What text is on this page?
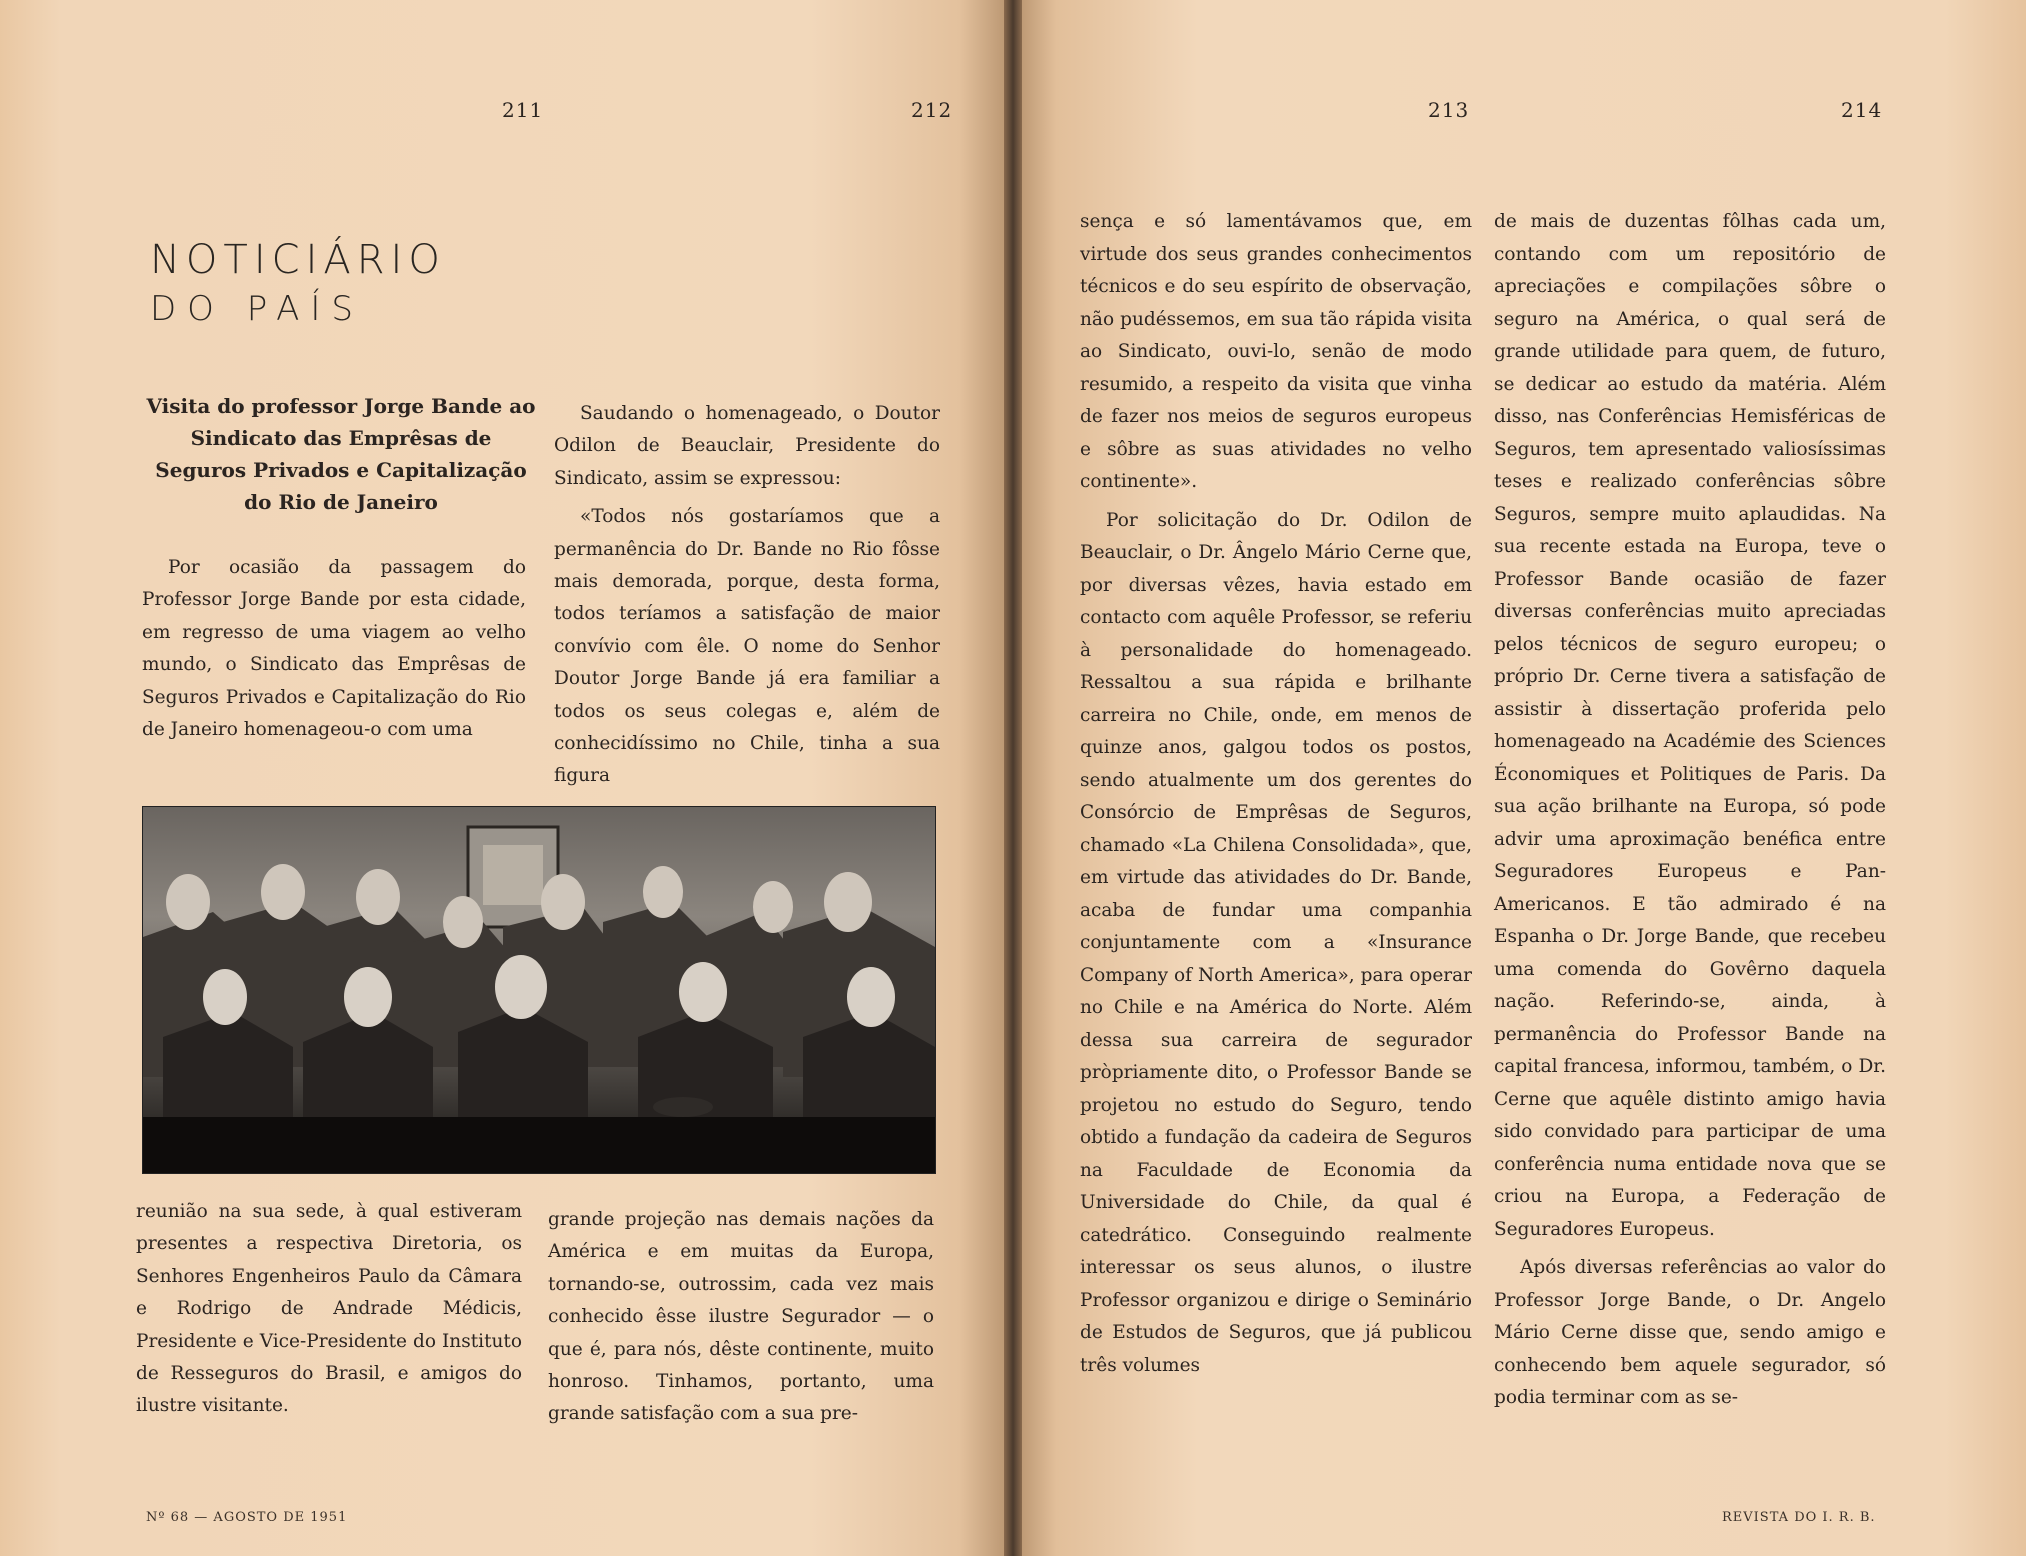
211	212	213	214
NOTICIÁRIO
DO PAÍS
Visita do professor Jorge Bande ao Sindicato das Emprêsas de Seguros Privados e Capitalização do Rio de Janeiro

Por ocasião da passagem do Professor Jorge Bande por esta cidade, em regresso de uma viagem ao velho mundo, o Sindicato das Emprêsas de Seguros Privados e Capitalização do Rio de Janeiro homenageou-o com uma

Saudando o homenageado, o Doutor Odilon de Beauclair, Presidente do Sindicato, assim se expressou:

«Todos nós gostaríamos que a permanência do Dr. Bande no Rio fôsse mais demorada, porque, desta forma, todos teríamos a satisfação de maior convívio com êle. O nome do Senhor Doutor Jorge Bande já era familiar a todos os seus colegas e, além de conhecidíssimo no Chile, tinha a sua figura

reunião na sua sede, à qual estiveram presentes a respectiva Diretoria, os Senhores Engenheiros Paulo da Câmara e Rodrigo de Andrade Médicis, Presidente e Vice-Presidente do Instituto de Resseguros do Brasil, e amigos do ilustre visitante.

grande projeção nas demais nações da América e em muitas da Europa, tornando-se, outrossim, cada vez mais conhecido êsse ilustre Segurador — o que é, para nós, dêste continente, muito honroso. Tinhamos, portanto, uma grande satisfação com a sua pre-

sença e só lamentávamos que, em virtude dos seus grandes conhecimentos técnicos e do seu espírito de observação, não pudéssemos, em sua tão rápida visita ao Sindicato, ouvi-lo, senão de modo resumido, a respeito da visita que vinha de fazer nos meios de seguros europeus e sôbre as suas atividades no velho continente».

Por solicitação do Dr. Odilon de Beauclair, o Dr. Ângelo Mário Cerne que, por diversas vêzes, havia estado em contacto com aquêle Professor, se referiu à personalidade do homenageado. Ressaltou a sua rápida e brilhante carreira no Chile, onde, em menos de quinze anos, galgou todos os postos, sendo atualmente um dos gerentes do Consórcio de Emprêsas de Seguros, chamado «La Chilena Consolidada», que, em virtude das atividades do Dr. Bande, acaba de fundar uma companhia conjuntamente com a «Insurance Company of North America», para operar no Chile e na América do Norte. Além dessa sua carreira de segurador pròpriamente dito, o Professor Bande se projetou no estudo do Seguro, tendo obtido a fundação da cadeira de Seguros na Faculdade de Economia da Universidade do Chile, da qual é catedrático. Conseguindo realmente interessar os seus alunos, o ilustre Professor organizou e dirige o Seminário de Estudos de Seguros, que já publicou três volumes

de mais de duzentas fôlhas cada um, contando com um repositório de apreciações e compilações sôbre o seguro na América, o qual será de grande utilidade para quem, de futuro, se dedicar ao estudo da matéria. Além disso, nas Conferências Hemisféricas de Seguros, tem apresentado valiosíssimas teses e realizado conferências sôbre Seguros, sempre muito aplaudidas. Na sua recente estada na Europa, teve o Professor Bande ocasião de fazer diversas conferências muito apreciadas pelos técnicos de seguro europeu; o próprio Dr. Cerne tivera a satisfação de assistir à dissertação proferida pelo homenageado na Académie des Sciences Économiques et Politiques de Paris. Da sua ação brilhante na Europa, só pode advir uma aproximação benéfica entre Seguradores Europeus e Pan-Americanos. E tão admirado é na Espanha o Dr. Jorge Bande, que recebeu uma comenda do Govêrno daquela nação. Referindo-se, ainda, à permanência do Professor Bande na capital francesa, informou, também, o Dr. Cerne que aquêle distinto amigo havia sido convidado para participar de uma conferência numa entidade nova que se criou na Europa, a Federação de Seguradores Europeus.

Após diversas referências ao valor do Professor Jorge Bande, o Dr. Angelo Mário Cerne disse que, sendo amigo e conhecendo bem aquele segurador, só podia terminar com as se-

Nº 68 — AGOSTO DE 1951	REVISTA DO I. R. B.
